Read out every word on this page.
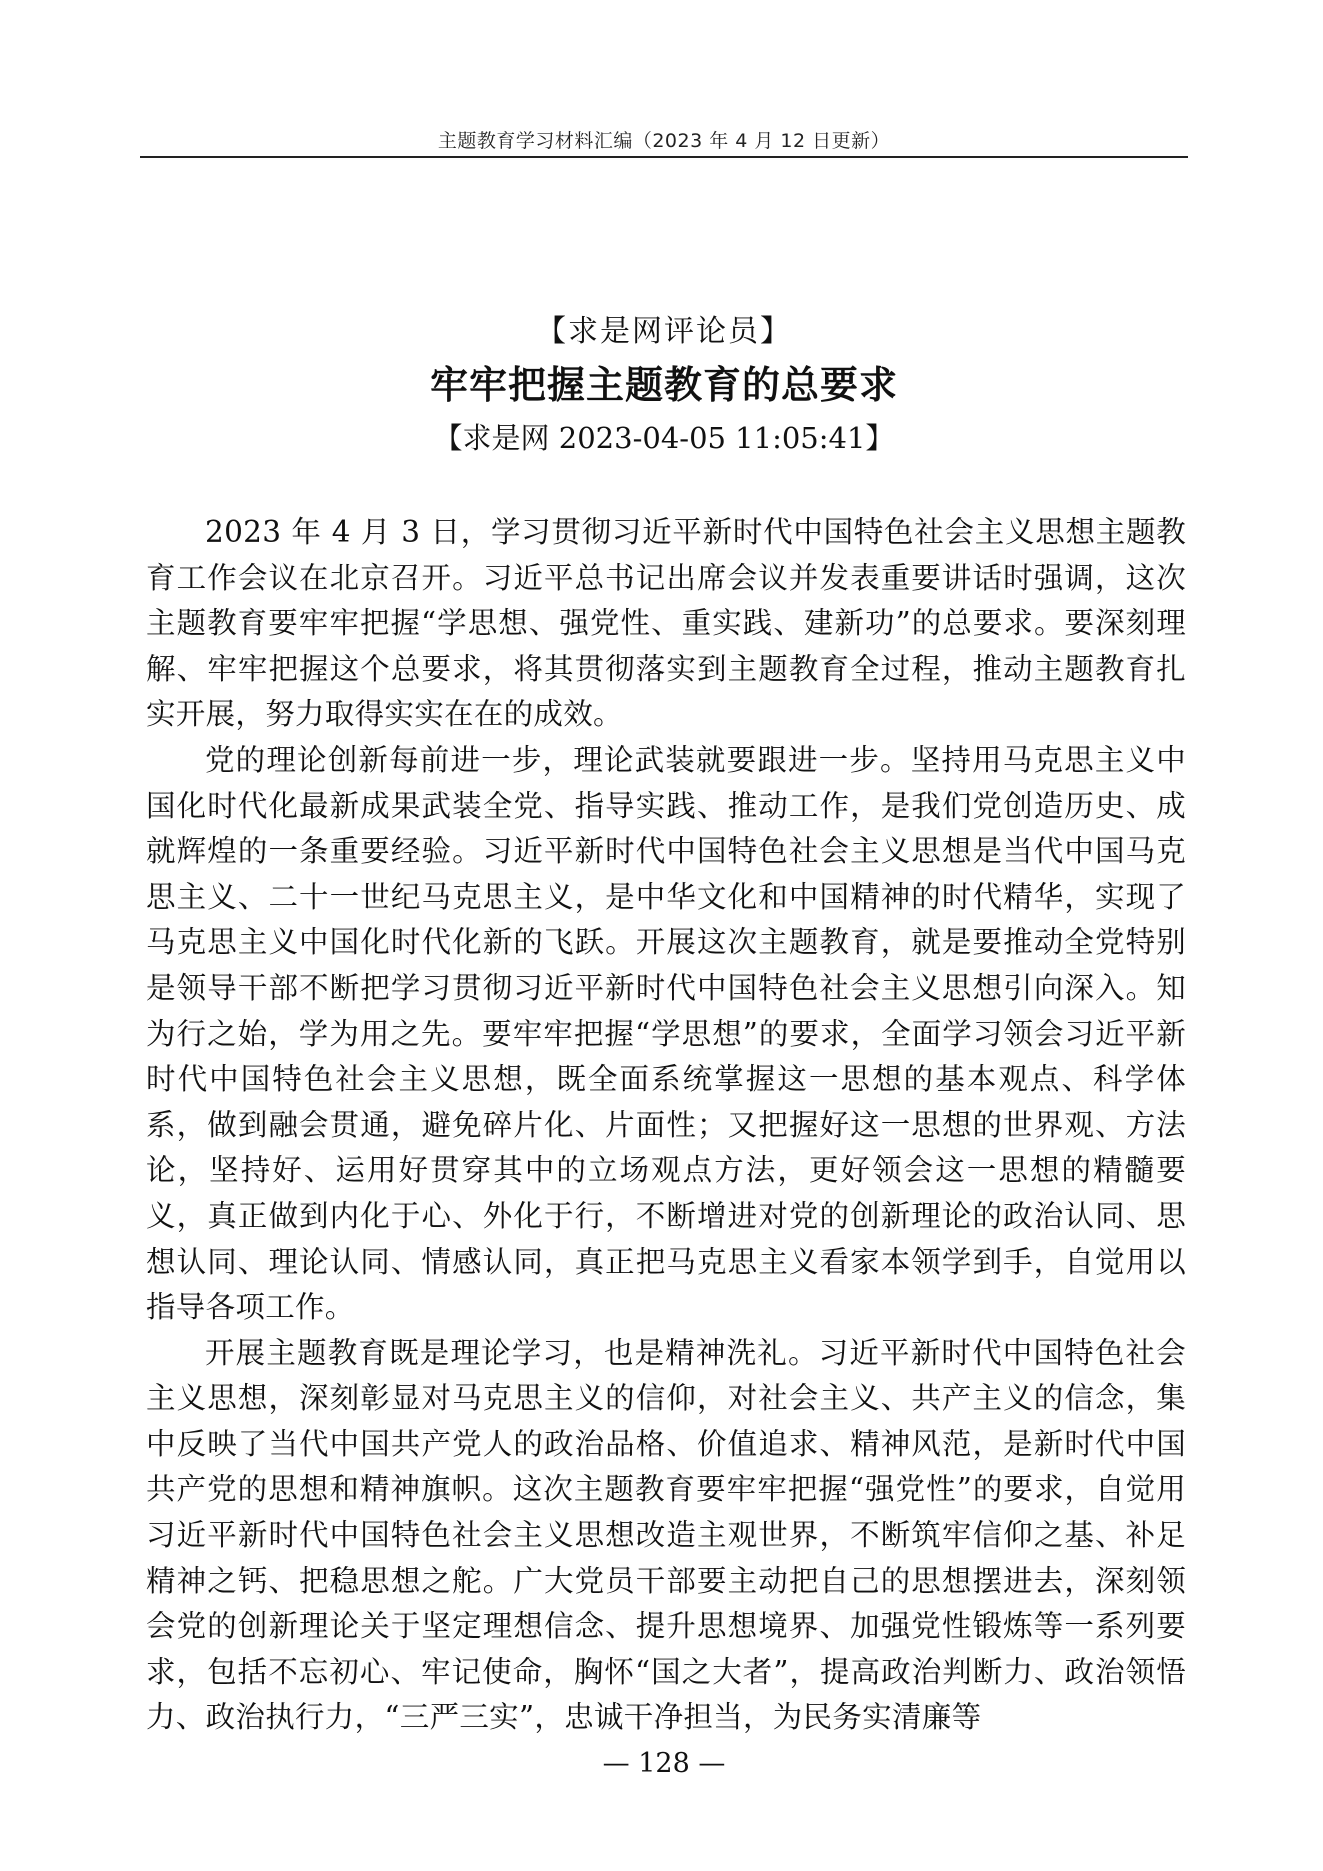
主题教育学习材料汇编（2023 年 4 月 12 日更新）
【求是网评论员】
牢牢把握主题教育的总要求
【求是网 2023-04-05 11:05:41】

2023 年 4 月 3 日，学习贯彻习近平新时代中国特色社会主义思想主题教育工作会议在北京召开。习近平总书记出席会议并发表重要讲话时强调，这次主题教育要牢牢把握“学思想、强党性、重实践、建新功”的总要求。要深刻理解、牢牢把握这个总要求，将其贯彻落实到主题教育全过程，推动主题教育扎实开展，努力取得实实在在的成效。

党的理论创新每前进一步，理论武装就要跟进一步。坚持用马克思主义中国化时代化最新成果武装全党、指导实践、推动工作，是我们党创造历史、成就辉煌的一条重要经验。习近平新时代中国特色社会主义思想是当代中国马克思主义、二十一世纪马克思主义，是中华文化和中国精神的时代精华，实现了马克思主义中国化时代化新的飞跃。开展这次主题教育，就是要推动全党特别是领导干部不断把学习贯彻习近平新时代中国特色社会主义思想引向深入。知为行之始，学为用之先。要牢牢把握“学思想”的要求，全面学习领会习近平新时代中国特色社会主义思想，既全面系统掌握这一思想的基本观点、科学体系，做到融会贯通，避免碎片化、片面性；又把握好这一思想的世界观、方法论，坚持好、运用好贯穿其中的立场观点方法，更好领会这一思想的精髓要义，真正做到内化于心、外化于行，不断增进对党的创新理论的政治认同、思想认同、理论认同、情感认同，真正把马克思主义看家本领学到手，自觉用以指导各项工作。

开展主题教育既是理论学习，也是精神洗礼。习近平新时代中国特色社会主义思想，深刻彰显对马克思主义的信仰，对社会主义、共产主义的信念，集中反映了当代中国共产党人的政治品格、价值追求、精神风范，是新时代中国共产党的思想和精神旗帜。这次主题教育要牢牢把握“强党性”的要求，自觉用习近平新时代中国特色社会主义思想改造主观世界，不断筑牢信仰之基、补足精神之钙、把稳思想之舵。广大党员干部要主动把自己的思想摆进去，深刻领会党的创新理论关于坚定理想信念、提升思想境界、加强党性锻炼等一系列要求，包括不忘初心、牢记使命，胸怀“国之大者”，提高政治判断力、政治领悟力、政治执行力，“三严三实”，忠诚干净担当，为民务实清廉等

— 128 —
